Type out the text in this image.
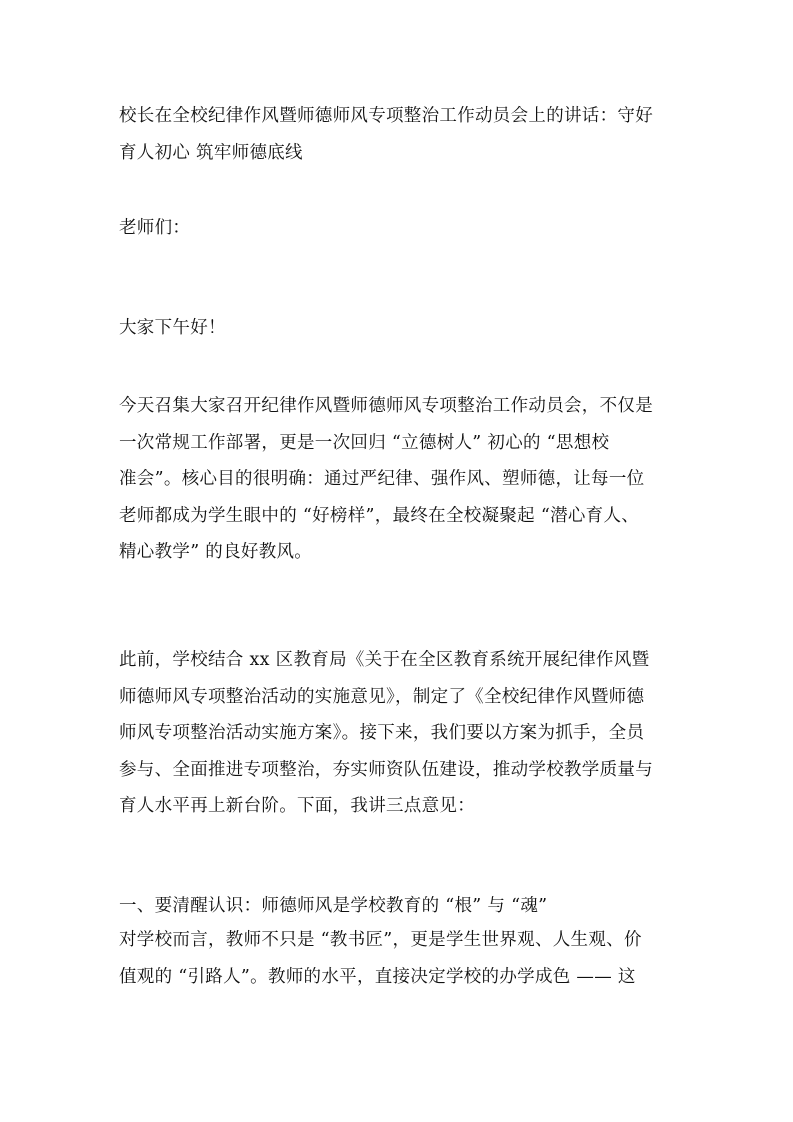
校长在全校纪律作风暨师德师风专项整治工作动员会上的讲话：守好
育人初心 筑牢师德底线
老师们：
大家下午好！
今天召集大家召开纪律作风暨师德师风专项整治工作动员会，不仅是
一次常规工作部署，更是一次回归 “立德树人” 初心的 “思想校
准会”。核心目的很明确：通过严纪律、强作风、塑师德，让每一位
老师都成为学生眼中的 “好榜样”，最终在全校凝聚起 “潜心育人、
精心教学” 的良好教风。
此前，学校结合 xx 区教育局《关于在全区教育系统开展纪律作风暨
师德师风专项整治活动的实施意见》，制定了《全校纪律作风暨师德
师风专项整治活动实施方案》。接下来，我们要以方案为抓手，全员
参与、全面推进专项整治，夯实师资队伍建设，推动学校教学质量与
育人水平再上新台阶。下面，我讲三点意见：
一、要清醒认识：师德师风是学校教育的 “根” 与 “魂”
对学校而言，教师不只是 “教书匠”，更是学生世界观、人生观、价
值观的 “引路人”。教师的水平，直接决定学校的办学成色 —— 这
